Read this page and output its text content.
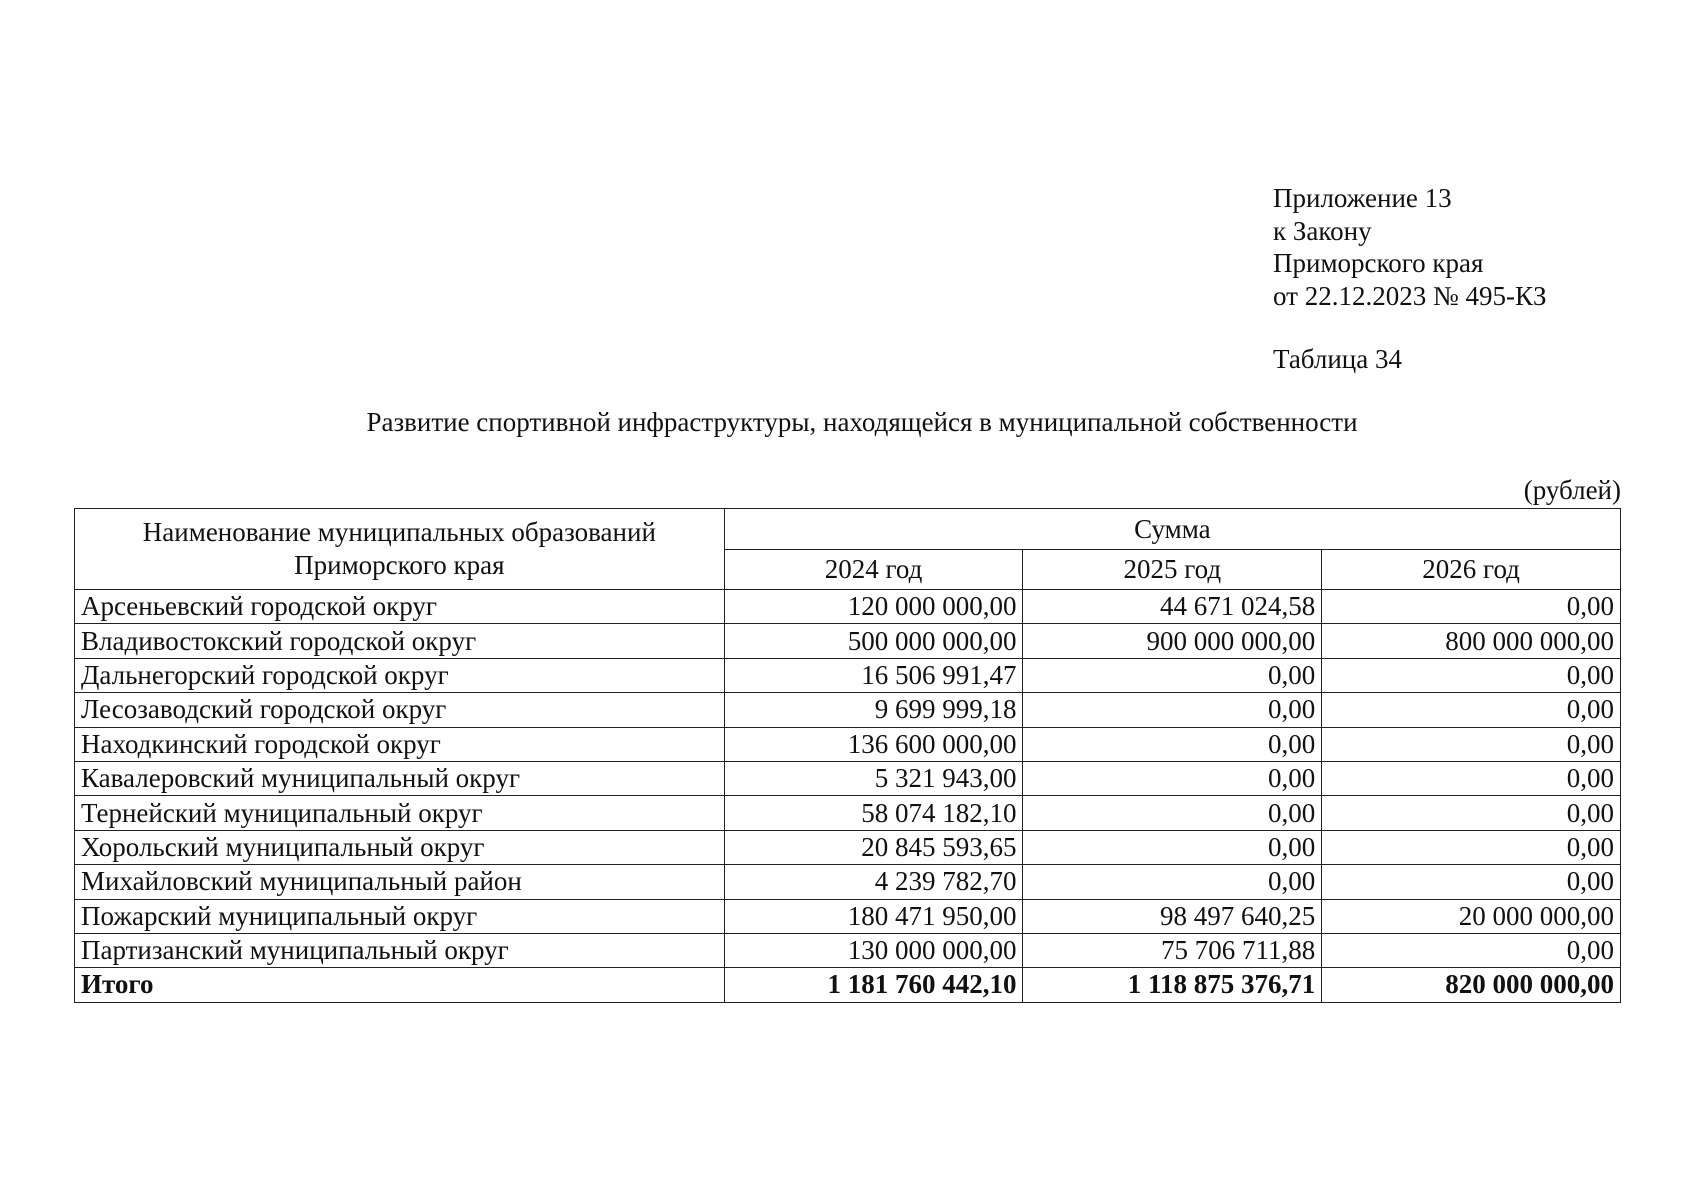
Приложение 13
к Закону
Приморского края
от 22.12.2023 № 495-КЗ
Таблица 34
Развитие спортивной инфраструктуры, находящейся в муниципальной собственности
(рублей)
Наименование муниципальных образований
Приморского края	Сумма		
	2024 год	2025 год	2026 год
Арсеньевский городской округ	120 000 000,00	44 671 024,58	0,00
Владивостокский городской округ	500 000 000,00	900 000 000,00	800 000 000,00
Дальнегорский городской округ	16 506 991,47	0,00	0,00
Лесозаводский городской округ	9 699 999,18	0,00	0,00
Находкинский городской округ	136 600 000,00	0,00	0,00
Кавалеровский муниципальный округ	5 321 943,00	0,00	0,00
Тернейский муниципальный округ	58 074 182,10	0,00	0,00
Хорольский муниципальный округ	20 845 593,65	0,00	0,00
Михайловский муниципальный район	4 239 782,70	0,00	0,00
Пожарский муниципальный округ	180 471 950,00	98 497 640,25	20 000 000,00
Партизанский муниципальный округ	130 000 000,00	75 706 711,88	0,00
Итого	1 181 760 442,10	1 118 875 376,71	820 000 000,00
